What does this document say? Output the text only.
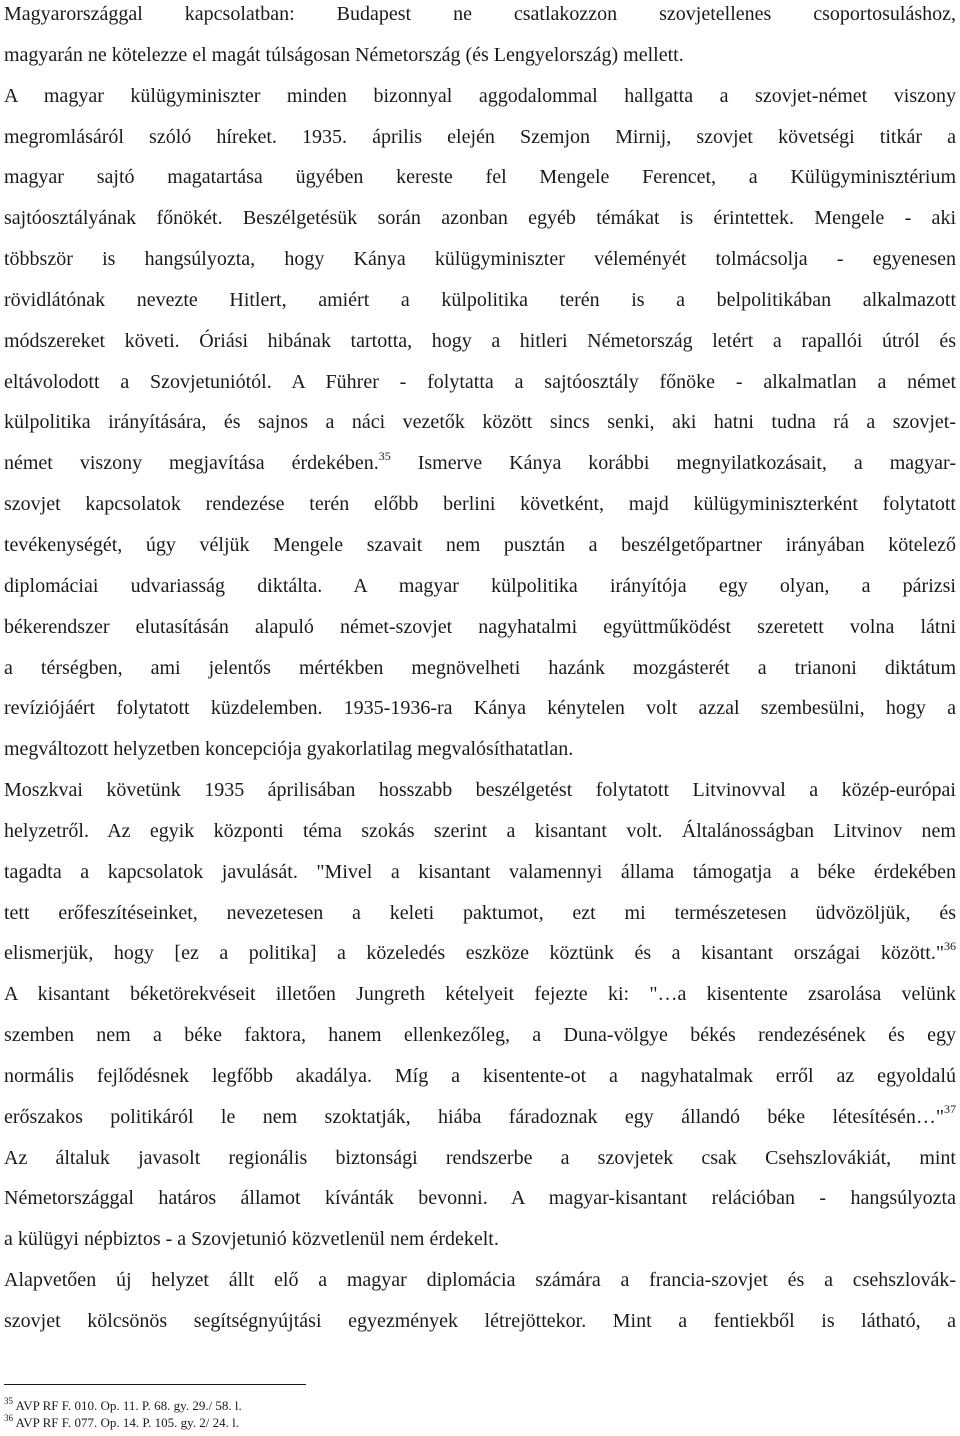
Magyarországgal kapcsolatban: Budapest ne csatlakozzon szovjetellenes csoportosuláshoz,
magyarán ne kötelezze el magát túlságosan Németország (és Lengyelország) mellett.
A magyar külügyminiszter minden bizonnyal aggodalommal hallgatta a szovjet-német viszony
megromlásáról szóló híreket. 1935. április elején Szemjon Mirnij, szovjet követségi titkár a
magyar sajtó magatartása ügyében kereste fel Mengele Ferencet, a Külügyminisztérium
sajtóosztályának főnökét. Beszélgetésük során azonban egyéb témákat is érintettek. Mengele - aki
többször is hangsúlyozta, hogy Kánya külügyminiszter véleményét tolmácsolja - egyenesen
rövidlátónak nevezte Hitlert, amiért a külpolitika terén is a belpolitikában alkalmazott
módszereket követi. Óriási hibának tartotta, hogy a hitleri Németország letért a rapallói útról és
eltávolodott a Szovjetuniótól. A Führer - folytatta a sajtóosztály főnöke - alkalmatlan a német
külpolitika irányítására, és sajnos a náci vezetők között sincs senki, aki hatni tudna rá a szovjet-
német viszony megjavítása érdekében.$^{35}$ Ismerve Kánya korábbi megnyilatkozásait, a magyar-
szovjet kapcsolatok rendezése terén előbb berlini követként, majd külügyminiszterként folytatott
tevékenységét, úgy véljük Mengele szavait nem pusztán a beszélgetőpartner irányában kötelező
diplomáciai udvariasság diktálta. A magyar külpolitika irányítója egy olyan, a párizsi
békerendszer elutasításán alapuló német-szovjet nagyhatalmi együttműködést szeretett volna látni
a térségben, ami jelentős mértékben megnövelheti hazánk mozgásterét a trianoni diktátum
revíziójáért folytatott küzdelemben. 1935-1936-ra Kánya kénytelen volt azzal szembesülni, hogy a
megváltozott helyzetben koncepciója gyakorlatilag megvalósíthatatlan.
Moszkvai követünk 1935 áprilisában hosszabb beszélgetést folytatott Litvinovval a közép-európai
helyzetről. Az egyik központi téma szokás szerint a kisantant volt. Általánosságban Litvinov nem
tagadta a kapcsolatok javulását. "Mivel a kisantant valamennyi állama támogatja a béke érdekében
tett erőfeszítéseinket, nevezetesen a keleti paktumot, ezt mi természetesen üdvözöljük, és
elismerjük, hogy [ez a politika] a közeledés eszköze köztünk és a kisantant országai között."$^{36}$
A kisantant béketörekvéseit illetően Jungreth kételyeit fejezte ki: "…a kisentente zsarolása velünk
szemben nem a béke faktora, hanem ellenkezőleg, a Duna-völgye békés rendezésének és egy
normális fejlődésnek legfőbb akadálya. Míg a kisentente-ot a nagyhatalmak erről az egyoldalú
erőszakos politikáról le nem szoktatják, hiába fáradoznak egy állandó béke létesítésén…"$^{37}$
Az általuk javasolt regionális biztonsági rendszerbe a szovjetek csak Csehszlovákiát, mint
Németországgal határos államot kívánták bevonni. A magyar-kisantant relációban - hangsúlyozta
a külügyi népbiztos - a Szovjetunió közvetlenül nem érdekelt.
Alapvetően új helyzet állt elő a magyar diplomácia számára a francia-szovjet és a csehszlovák-
szovjet kölcsönös segítségnyújtási egyezmények létrejöttekor. Mint a fentiekből is látható, a
$^{35}$ AVP RF F. 010. Op. 11. P. 68. gy. 29./ 58. l.
$^{36}$ AVP RF F. 077. Op. 14. P. 105. gy. 2/ 24. l.
